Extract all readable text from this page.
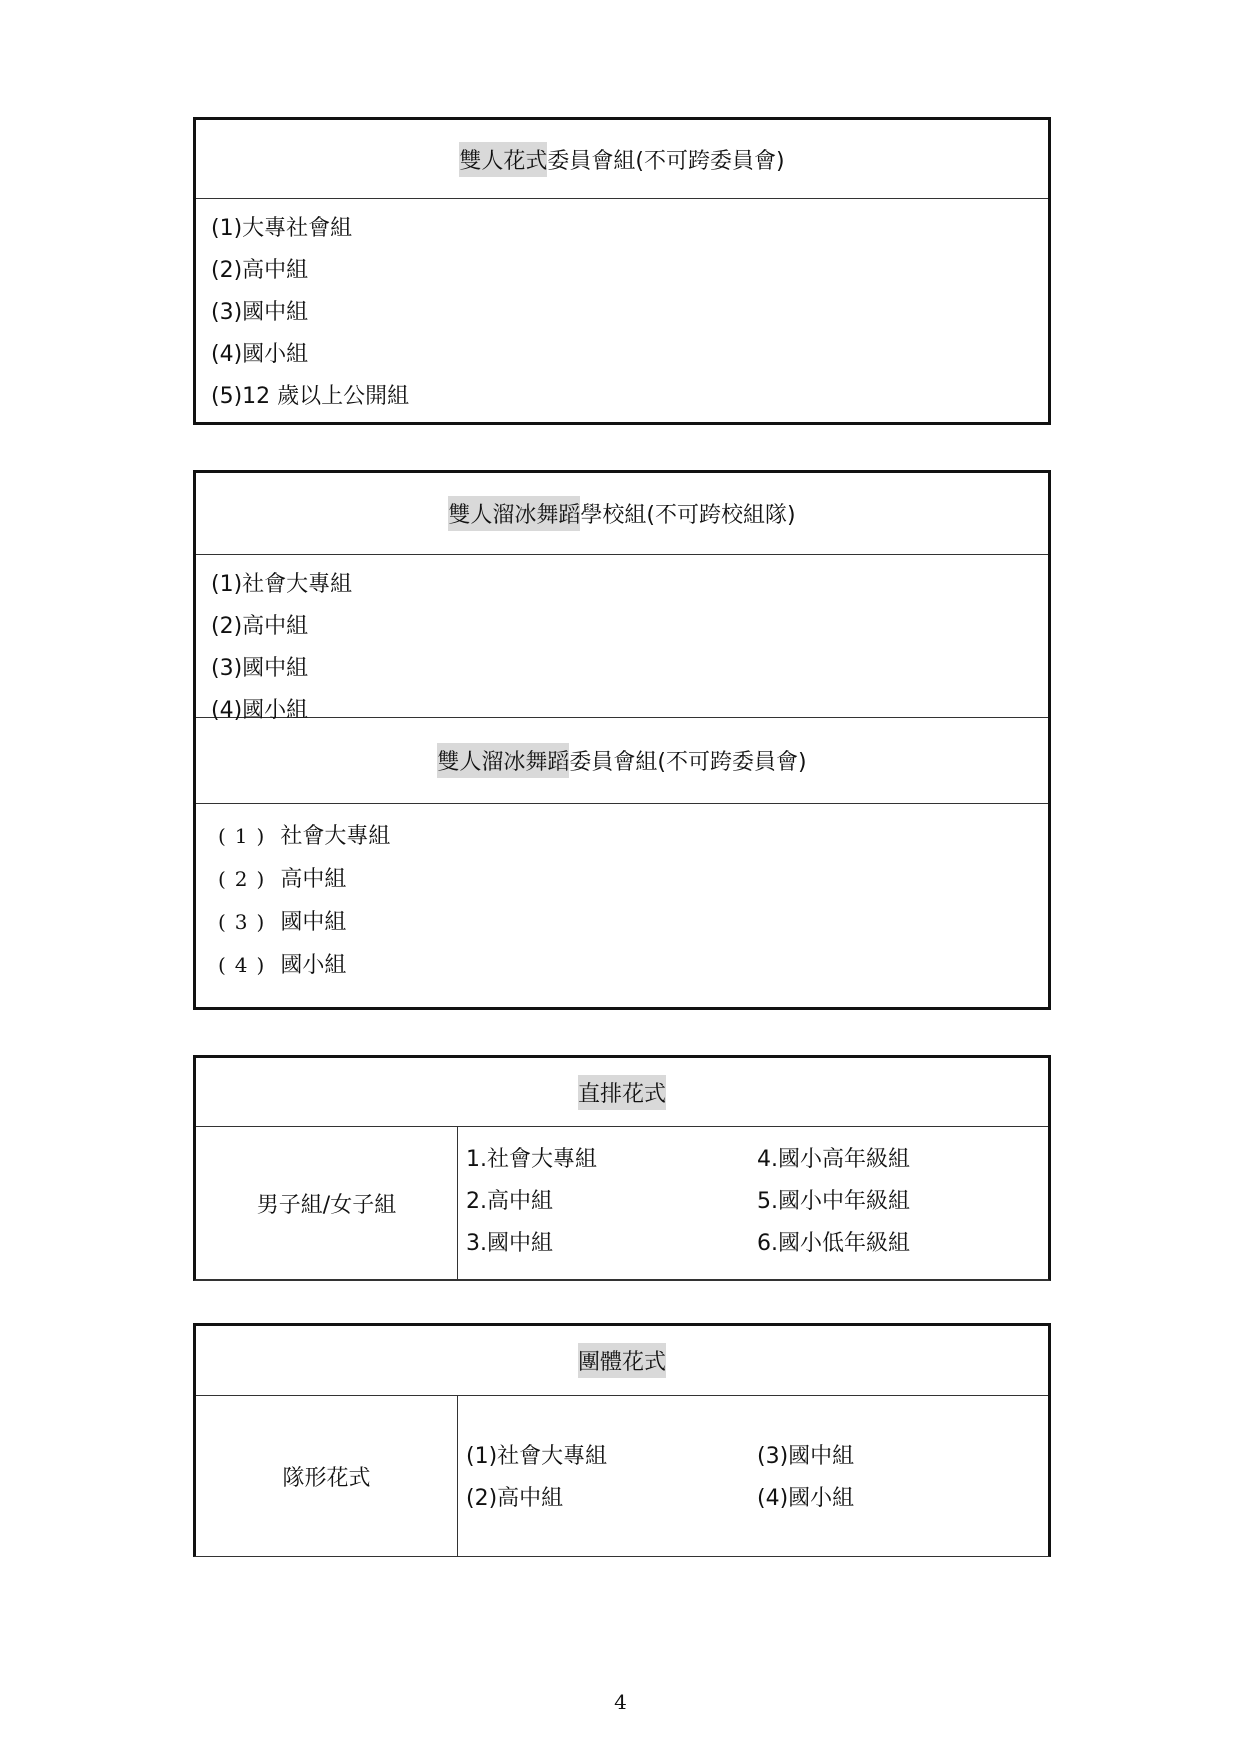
雙人花式 委員會組(不可跨委員會)
(1)大專社會組
(2)高中組
(3)國中組
(4)國小組
(5)12 歲以上公開組
雙人溜冰舞蹈 學校組(不可跨校組隊)
(1)社會大專組
(2)高中組
(3)國中組
(4)國小組
雙人溜冰舞蹈 委員會組(不可跨委員會)
(1) 社會大專組
(2) 高中組
(3) 國中組
(4) 國小組
直排花式
男子組/女子組
1.社會大專組
2.高中組
3.國中組
4.國小高年級組
5.國小中年級組
6.國小低年級組
團體花式
隊形花式
(1)社會大專組
(2)高中組
(3)國中組
(4)國小組
4
